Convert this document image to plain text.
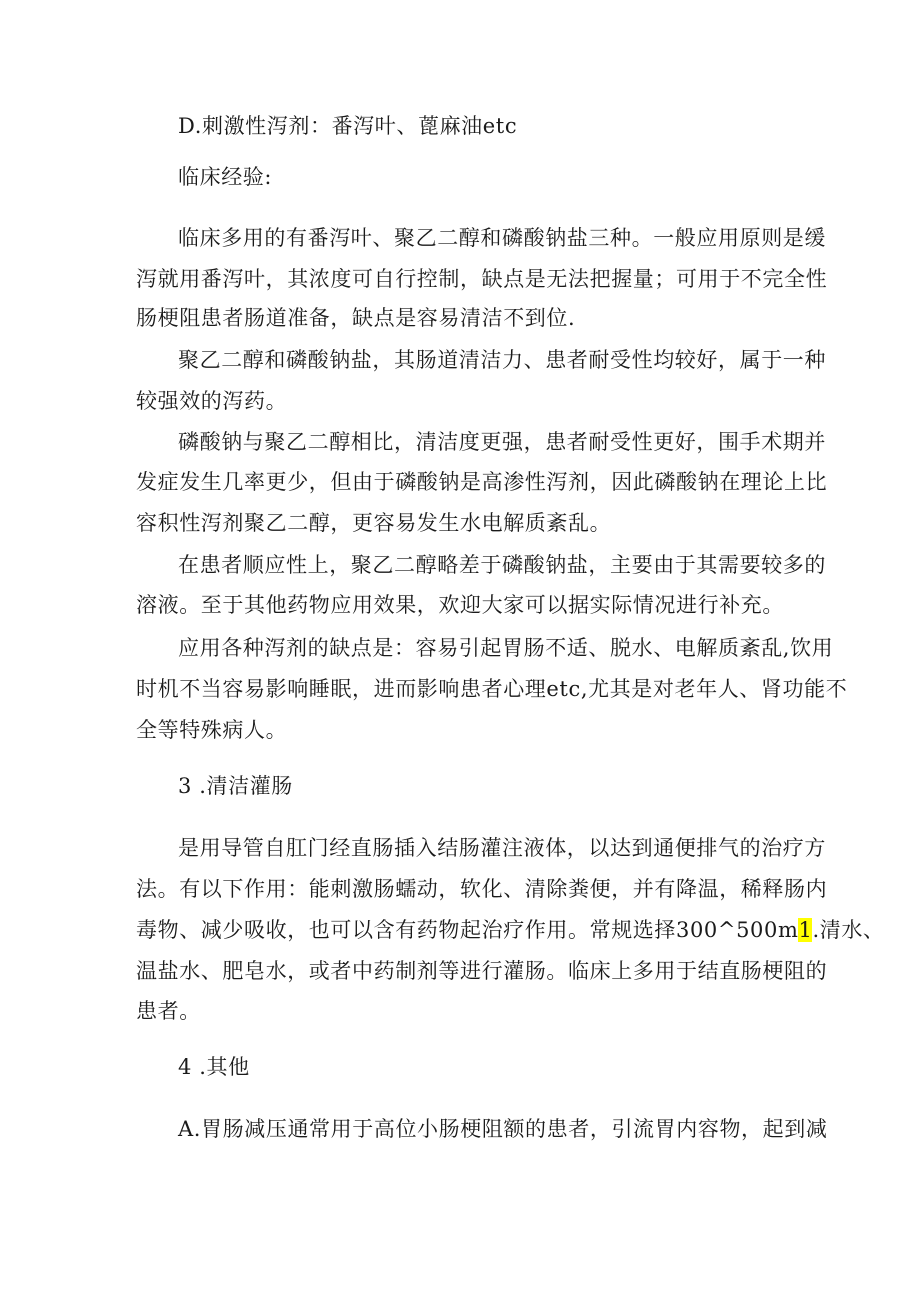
D.刺激性泻剂：番泻叶、蓖麻油etc
临床经验:
临床多用的有番泻叶、聚乙二醇和磷酸钠盐三种。一般应用原则是缓
泻就用番泻叶，其浓度可自行控制，缺点是无法把握量；可用于不完全性
肠梗阻患者肠道准备，缺点是容易清洁不到位.
聚乙二醇和磷酸钠盐，其肠道清洁力、患者耐受性均较好，属于一种
较强效的泻药。
磷酸钠与聚乙二醇相比，清洁度更强，患者耐受性更好，围手术期并
发症发生几率更少，但由于磷酸钠是高渗性泻剂，因此磷酸钠在理论上比
容积性泻剂聚乙二醇，更容易发生水电解质紊乱。
在患者顺应性上，聚乙二醇略差于磷酸钠盐，主要由于其需要较多的
溶液。至于其他药物应用效果，欢迎大家可以据实际情况进行补充。
应用各种泻剂的缺点是：容易引起胃肠不适、脱水、电解质紊乱,饮用
时机不当容易影响睡眠，进而影响患者心理etc,尤其是对老年人、肾功能不
全等特殊病人。
3 .清洁灌肠
是用导管自肛门经直肠插入结肠灌注液体，以达到通便排气的治疗方
法。有以下作用：能刺激肠蠕动，软化、清除粪便，并有降温，稀释肠内
毒物、减少吸收，也可以含有药物起治疗作用。常规选择300^500m1.清水、
温盐水、肥皂水，或者中药制剂等进行灌肠。临床上多用于结直肠梗阻的
患者。
4 .其他
A.胃肠减压通常用于高位小肠梗阻额的患者，引流胃内容物，起到减
